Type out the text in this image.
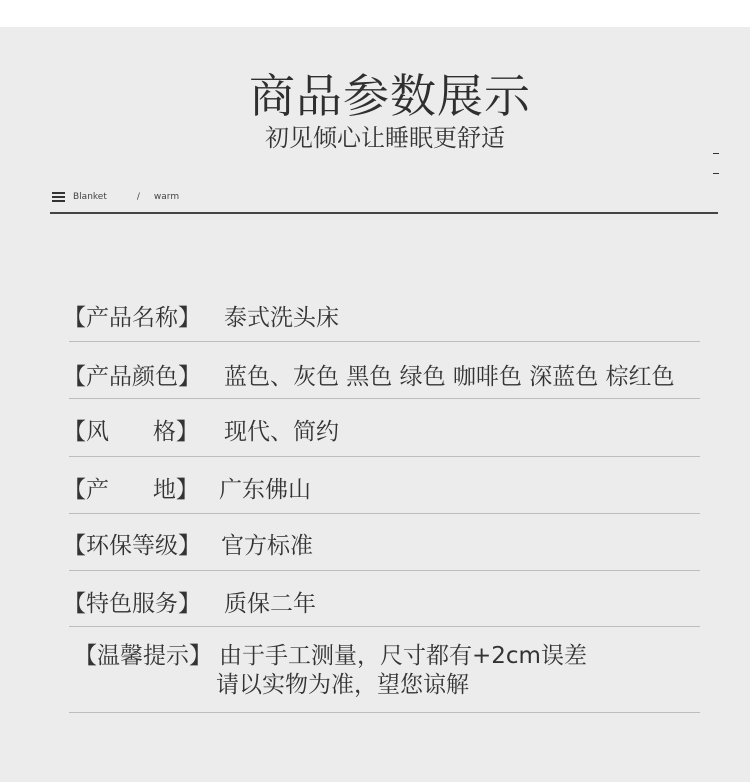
商品参数展示
初见倾心让睡眠更舒适
Blanket	/ warm
【产品名称】 泰式洗头床
【产品颜色】 蓝色、灰色 黑色 绿色 咖啡色 深蓝色 棕红色
【风      格】 现代、简约
【产      地】 广东佛山
【环保等级】 官方标准
【特色服务】 质保二年
【温馨提示】 由于手工测量，尺寸都有+2cm误差
请以实物为准，望您谅解
